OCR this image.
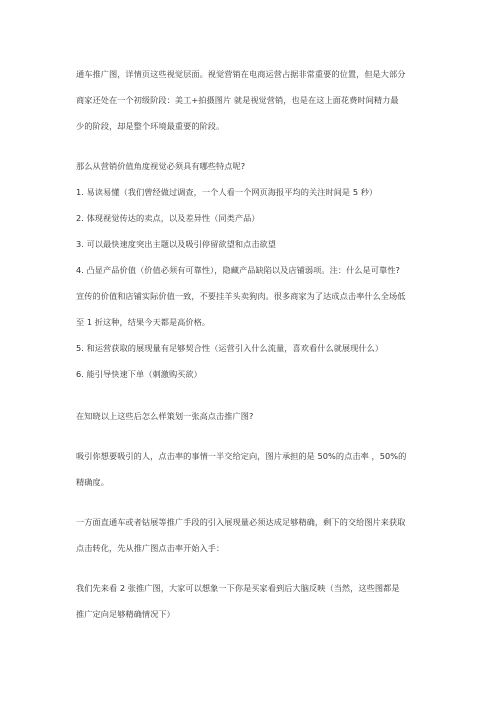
通车推广图，详情页这些视觉层面。视觉营销在电商运营占据非常重要的位置，但是大部分
商家还处在一个初级阶段：美工+拍摄图片 就是视觉营销，也是在这上面花费时间精力最
少的阶段，却是整个环境最重要的阶段。
那么从营销价值角度视觉必须具有哪些特点呢?
1. 易读易懂（我们曾经做过调查，一个人看一个网页海报平均的关注时间是 5 秒）
2. 体现视觉传达的卖点，以及差异性（同类产品）
3. 可以最快速度突出主题以及吸引停留欲望和点击欲望
4. 凸显产品价值（价值必须有可靠性），隐藏产品缺陷以及店铺弱项。注：什么是可靠性?
宣传的价值和店铺实际价值一致，不要挂羊头卖狗肉。很多商家为了达成点击率什么全场低
至 1 折这种，结果今天都是高价格。
5. 和运营获取的展现量有足够契合性（运营引入什么流量，喜欢看什么就展现什么）
6. 能引导快速下单（刺激购买欲）
在知晓以上这些后怎么样策划一张高点击推广图?
吸引你想要吸引的人，点击率的事情一半交给定向，图片承担的是 50%的点击率 ，50%的
精确度。
一方面直通车或者钻展等推广手段的引入展现量必须达成足够精确，剩下的交给图片来获取
点击转化，先从推广图点击率开始入手：
我们先来看 2 张推广图，大家可以想象一下你是买家看到后大脑反映（当然，这些图都是
推广定向足够精确情况下）
